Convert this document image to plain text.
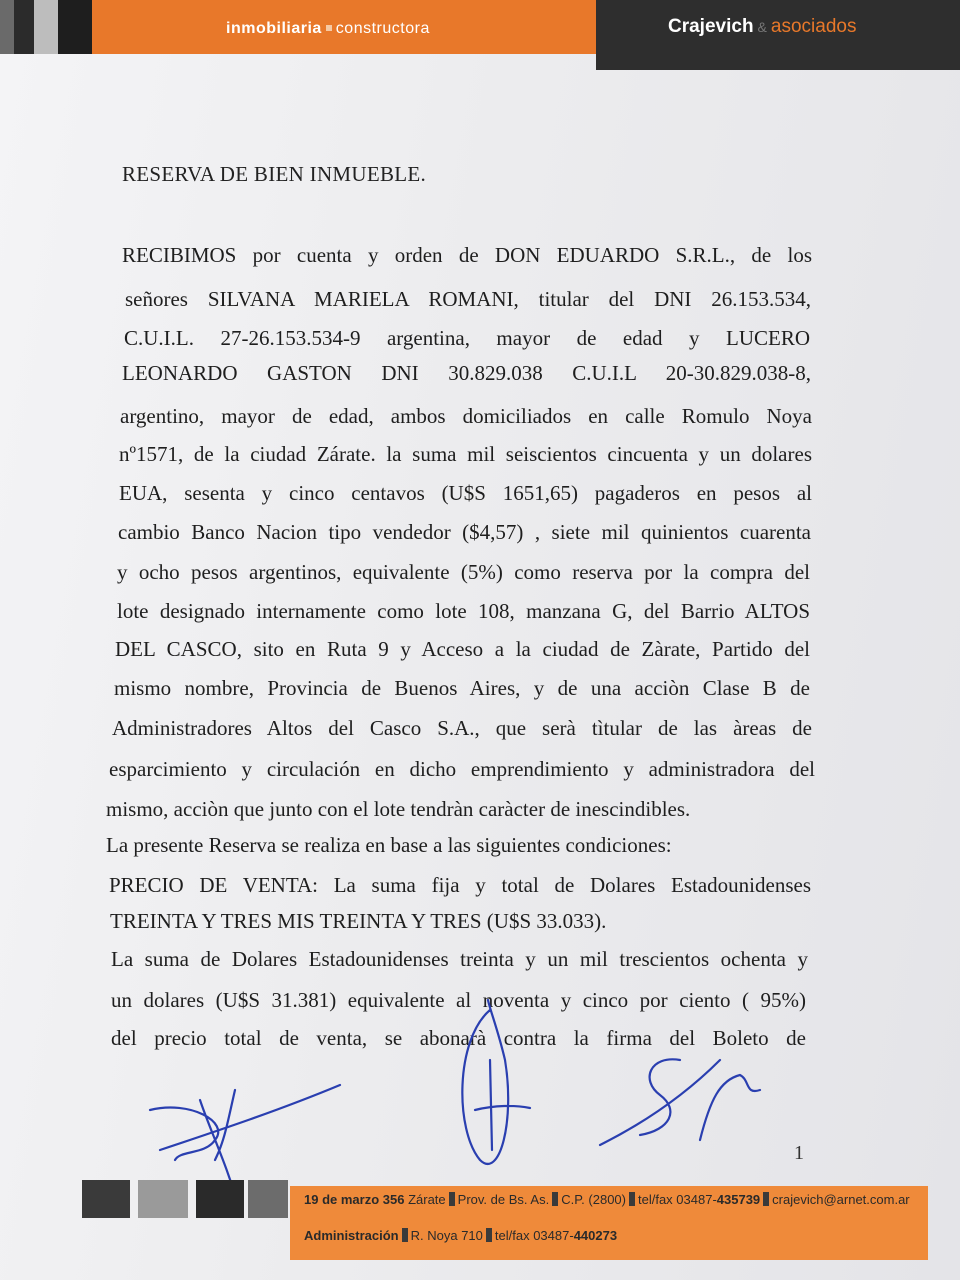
inmobiliaria constructora	Crajevich & asociados
RESERVA DE BIEN INMUEBLE.
RECIBIMOS por cuenta y orden de DON EDUARDO S.R.L., de los
señores SILVANA MARIELA ROMANI, titular del DNI 26.153.534,
C.U.I.L. 27-26.153.534-9 argentina, mayor de edad y LUCERO
LEONARDO GASTON DNI 30.829.038 C.U.I.L 20-30.829.038-8,
argentino, mayor de edad, ambos domiciliados en calle Romulo Noya
nº1571, de la ciudad Zárate. la suma mil seiscientos cincuenta y un dolares
EUA, sesenta y cinco centavos (U$S 1651,65) pagaderos en pesos al
cambio Banco Nacion tipo vendedor ($4,57) , siete mil quinientos cuarenta
y ocho pesos argentinos, equivalente (5%) como reserva por la compra del
lote designado internamente como lote 108, manzana G, del Barrio ALTOS
DEL CASCO, sito en Ruta 9 y Acceso a la ciudad de Zàrate, Partido del
mismo nombre, Provincia de Buenos Aires, y de una acciòn Clase B de
Administradores Altos del Casco S.A., que serà tìtular de las àreas de
esparcimiento y circulación en dicho emprendimiento y administradora del
mismo, acciòn que junto con el lote tendràn caràcter de inescindibles.
La presente Reserva se realiza en base a las siguientes condiciones:
PRECIO DE VENTA: La suma fija y total de Dolares Estadounidenses
TREINTA Y TRES MIS TREINTA Y TRES (U$S 33.033).
La suma de Dolares Estadounidenses treinta y un mil trescientos ochenta y
un dolares (U$S 31.381) equivalente al noventa y cinco por ciento ( 95%)
del precio total de venta, se abonarà contra la firma del Boleto de
1
19 de marzo 356 Zárate Prov. de Bs. As. C.P. (2800) tel/fax 03487-435739 crajevich@arnet.com.ar
Administración R. Noya 710 tel/fax 03487-440273
